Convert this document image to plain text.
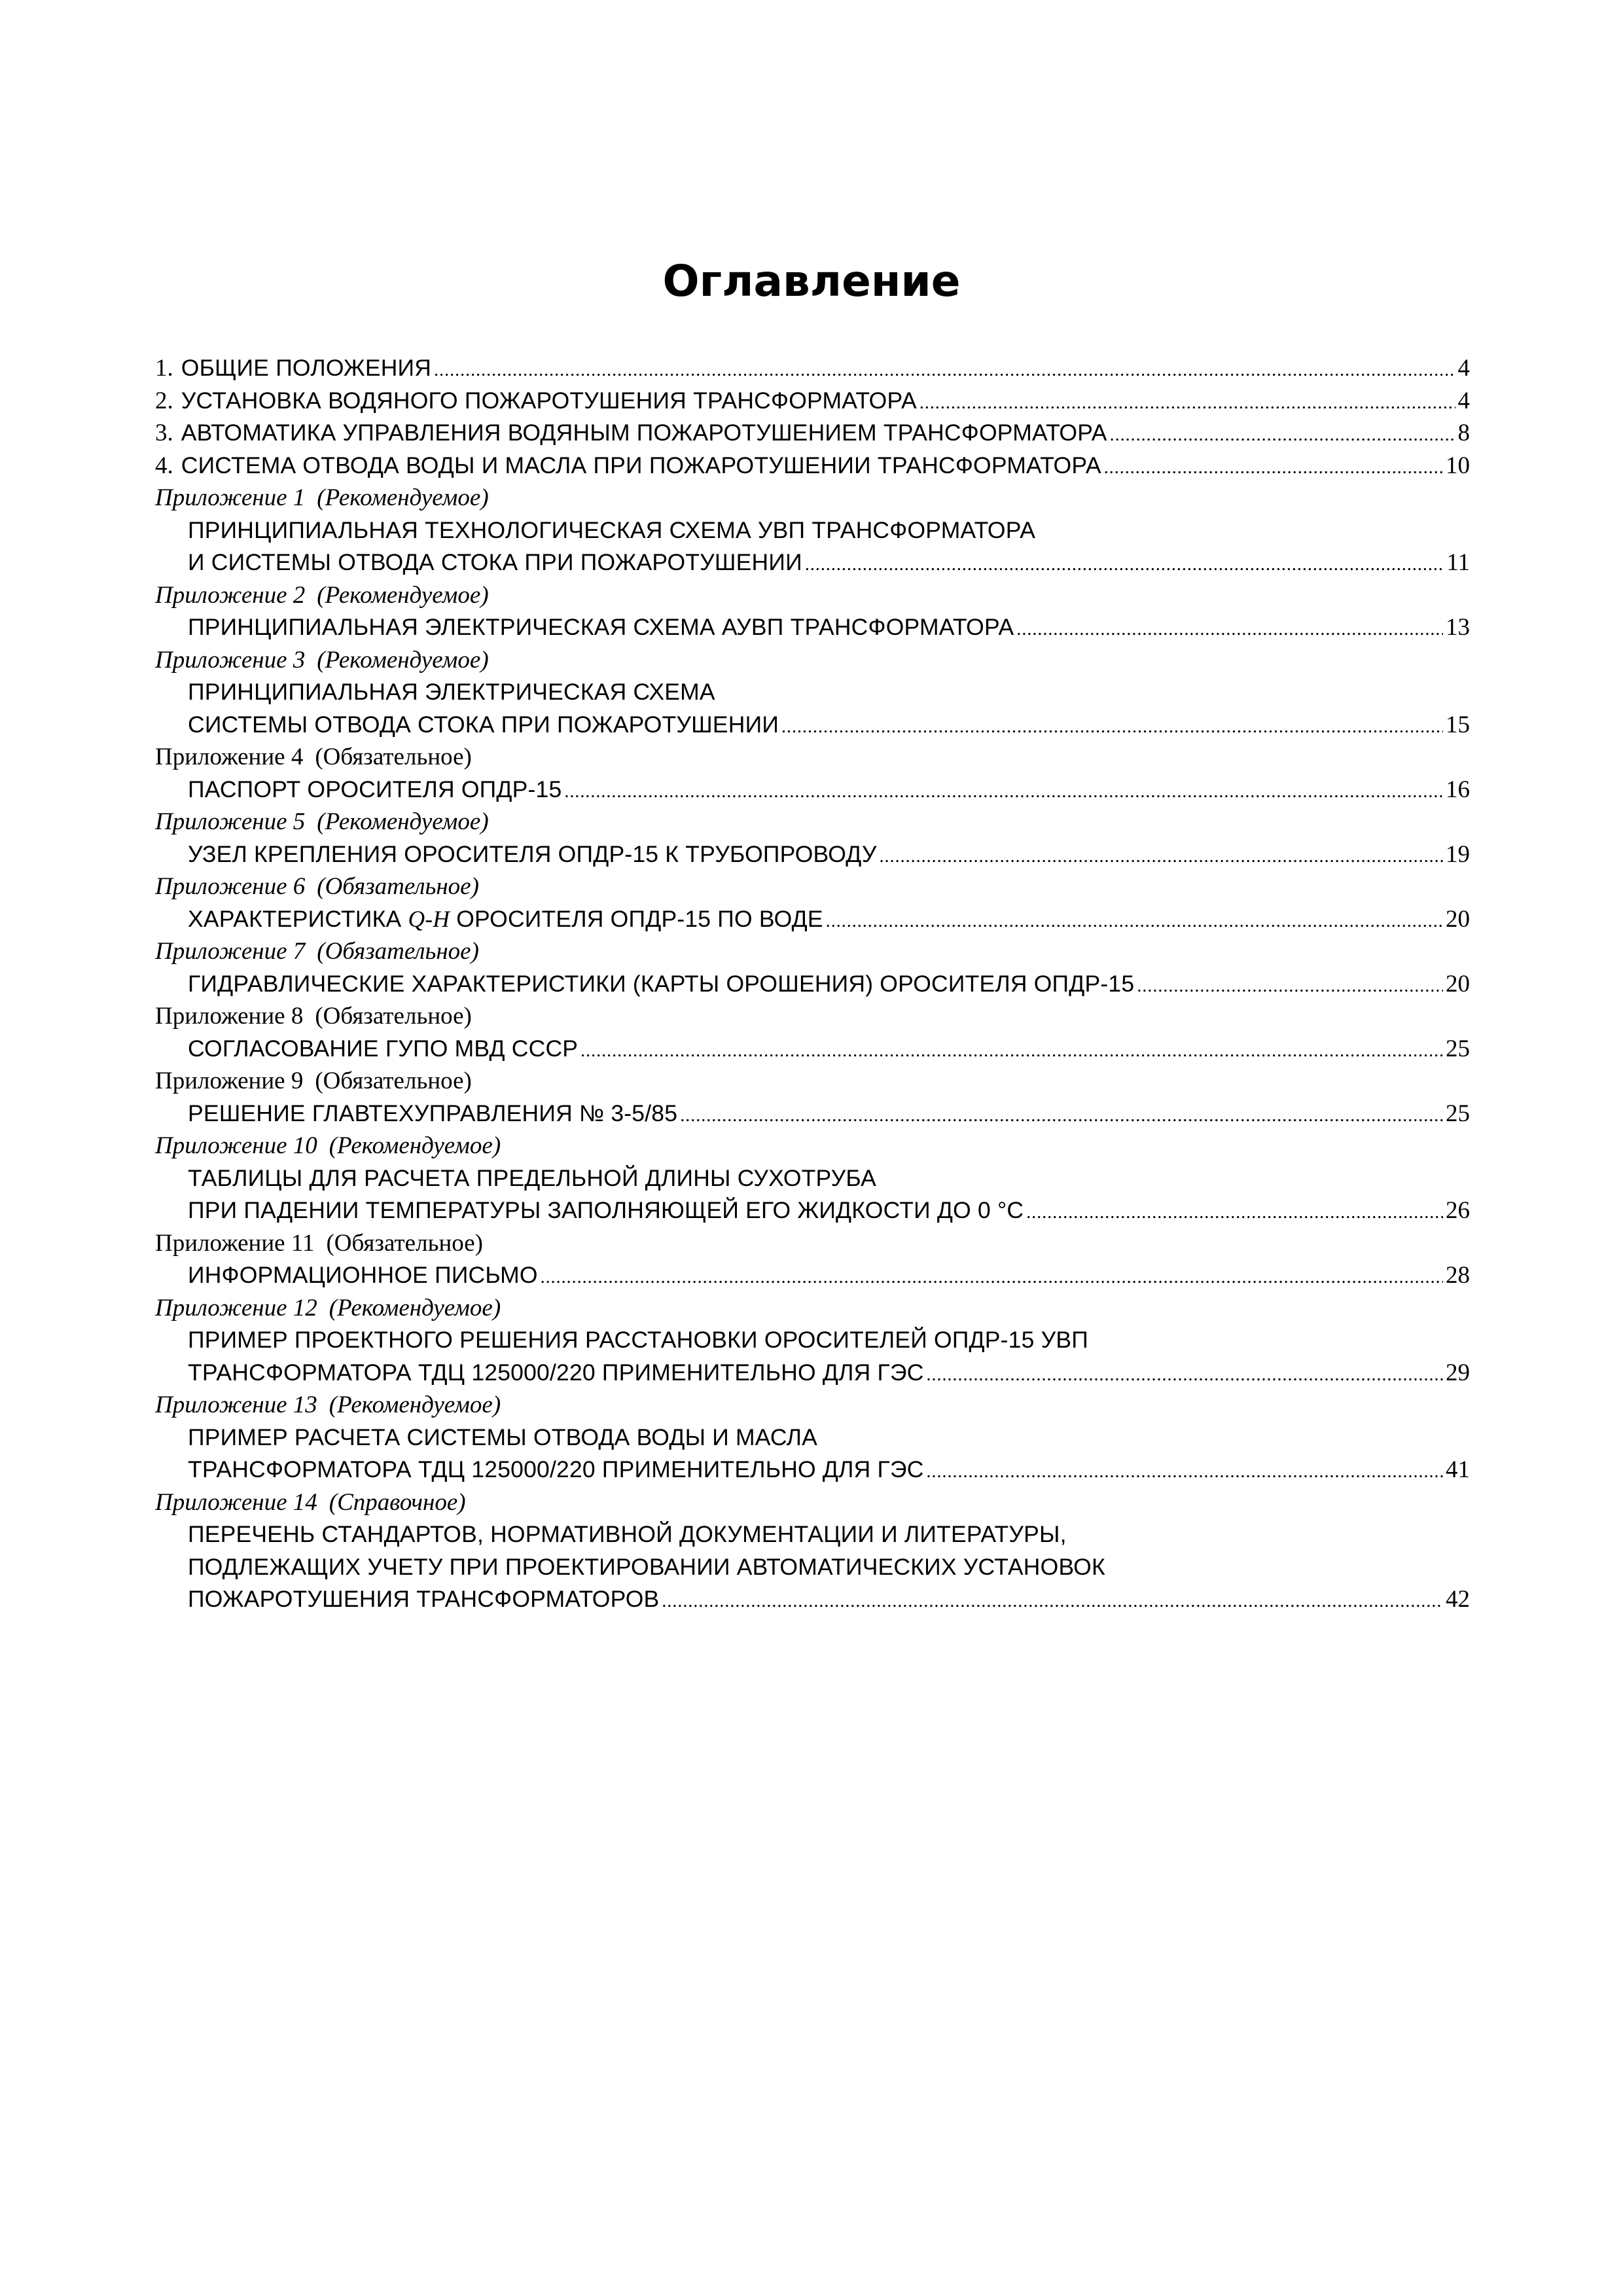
Оглавление
1. ОБЩИЕ ПОЛОЖЕНИЯ .....	4
2. УСТАНОВКА ВОДЯНОГО ПОЖАРОТУШЕНИЯ ТРАНСФОРМАТОРА .....	4
3. АВТОМАТИКА УПРАВЛЕНИЯ ВОДЯНЫМ ПОЖАРОТУШЕНИЕМ ТРАНСФОРМАТОРА .....	8
4. СИСТЕМА ОТВОДА ВОДЫ И МАСЛА ПРИ ПОЖАРОТУШЕНИИ ТРАНСФОРМАТОРА .....	10
Приложение 1 (Рекомендуемое)
ПРИНЦИПИАЛЬНАЯ ТЕХНОЛОГИЧЕСКАЯ СХЕМА УВП ТРАНСФОРМАТОРА
И СИСТЕМЫ ОТВОДА СТОКА ПРИ ПОЖАРОТУШЕНИИ .....	11
Приложение 2 (Рекомендуемое)
ПРИНЦИПИАЛЬНАЯ ЭЛЕКТРИЧЕСКАЯ СХЕМА АУВП ТРАНСФОРМАТОРА .....	13
Приложение 3 (Рекомендуемое)
ПРИНЦИПИАЛЬНАЯ ЭЛЕКТРИЧЕСКАЯ СХЕМА
СИСТЕМЫ ОТВОДА СТОКА ПРИ ПОЖАРОТУШЕНИИ .....	15
Приложение 4 (Обязательное)
ПАСПОРТ ОРОСИТЕЛЯ ОПДР-15 .....	16
Приложение 5 (Рекомендуемое)
УЗЕЛ КРЕПЛЕНИЯ ОРОСИТЕЛЯ ОПДР-15 К ТРУБОПРОВОДУ .....	19
Приложение 6 (Обязательное)
ХАРАКТЕРИСТИКА Q-H ОРОСИТЕЛЯ ОПДР-15 ПО ВОДЕ .....	20
Приложение 7 (Обязательное)
ГИДРАВЛИЧЕСКИЕ ХАРАКТЕРИСТИКИ (КАРТЫ ОРОШЕНИЯ) ОРОСИТЕЛЯ ОПДР-15 .....	20
Приложение 8 (Обязательное)
СОГЛАСОВАНИЕ ГУПО МВД СССР .....	25
Приложение 9 (Обязательное)
РЕШЕНИЕ ГЛАВТЕХУПРАВЛЕНИЯ № 3-5/85 .....	25
Приложение 10 (Рекомендуемое)
ТАБЛИЦЫ ДЛЯ РАСЧЕТА ПРЕДЕЛЬНОЙ ДЛИНЫ СУХОТРУБА
ПРИ ПАДЕНИИ ТЕМПЕРАТУРЫ ЗАПОЛНЯЮЩЕЙ ЕГО ЖИДКОСТИ ДО 0 °С .....	26
Приложение 11 (Обязательное)
ИНФОРМАЦИОННОЕ ПИСЬМО .....	28
Приложение 12 (Рекомендуемое)
ПРИМЕР ПРОЕКТНОГО РЕШЕНИЯ РАССТАНОВКИ ОРОСИТЕЛЕЙ ОПДР-15 УВП
ТРАНСФОРМАТОРА ТДЦ 125000/220 ПРИМЕНИТЕЛЬНО ДЛЯ ГЭС .....	29
Приложение 13 (Рекомендуемое)
ПРИМЕР РАСЧЕТА СИСТЕМЫ ОТВОДА ВОДЫ И МАСЛА
ТРАНСФОРМАТОРА ТДЦ 125000/220 ПРИМЕНИТЕЛЬНО ДЛЯ ГЭС .....	41
Приложение 14 (Справочное)
ПЕРЕЧЕНЬ СТАНДАРТОВ, НОРМАТИВНОЙ ДОКУМЕНТАЦИИ И ЛИТЕРАТУРЫ,
ПОДЛЕЖАЩИХ УЧЕТУ ПРИ ПРОЕКТИРОВАНИИ АВТОМАТИЧЕСКИХ УСТАНОВОК
ПОЖАРОТУШЕНИЯ ТРАНСФОРМАТОРОВ .....	42
